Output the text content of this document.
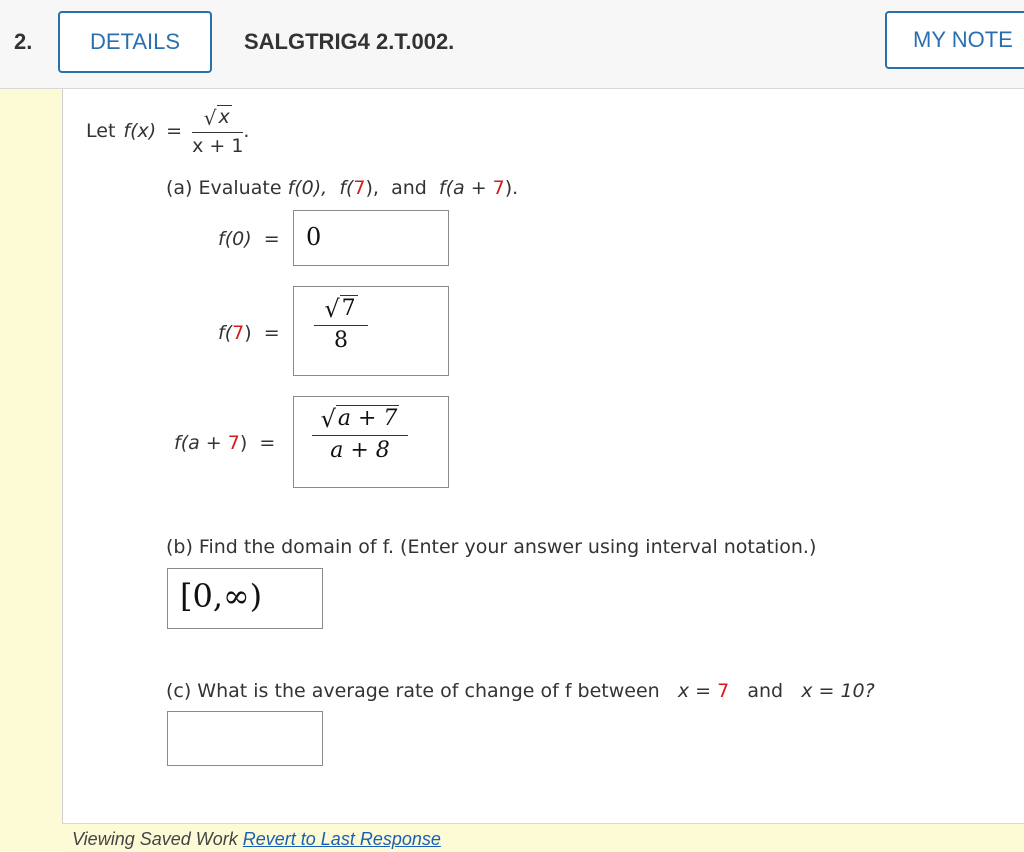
2.	DETAILS	SALGTRIG4 2.T.002.	MY NOTE
Let $f(x) = \frac{√ x}{x + 1}$ .
(a) Evaluate f(0), f(7), and f(a + 7).
f(0) = 0
$f(7) = \frac{√ 7}{8}$
$f(a + 7) = \frac{√ a + 7}{a + 8}$
(b) Find the domain of f. (Enter your answer using interval notation.)
[0,∞)
(c) What is the average rate of change of f between x = 7 and x = 10?
Viewing Saved Work Revert to Last Response
